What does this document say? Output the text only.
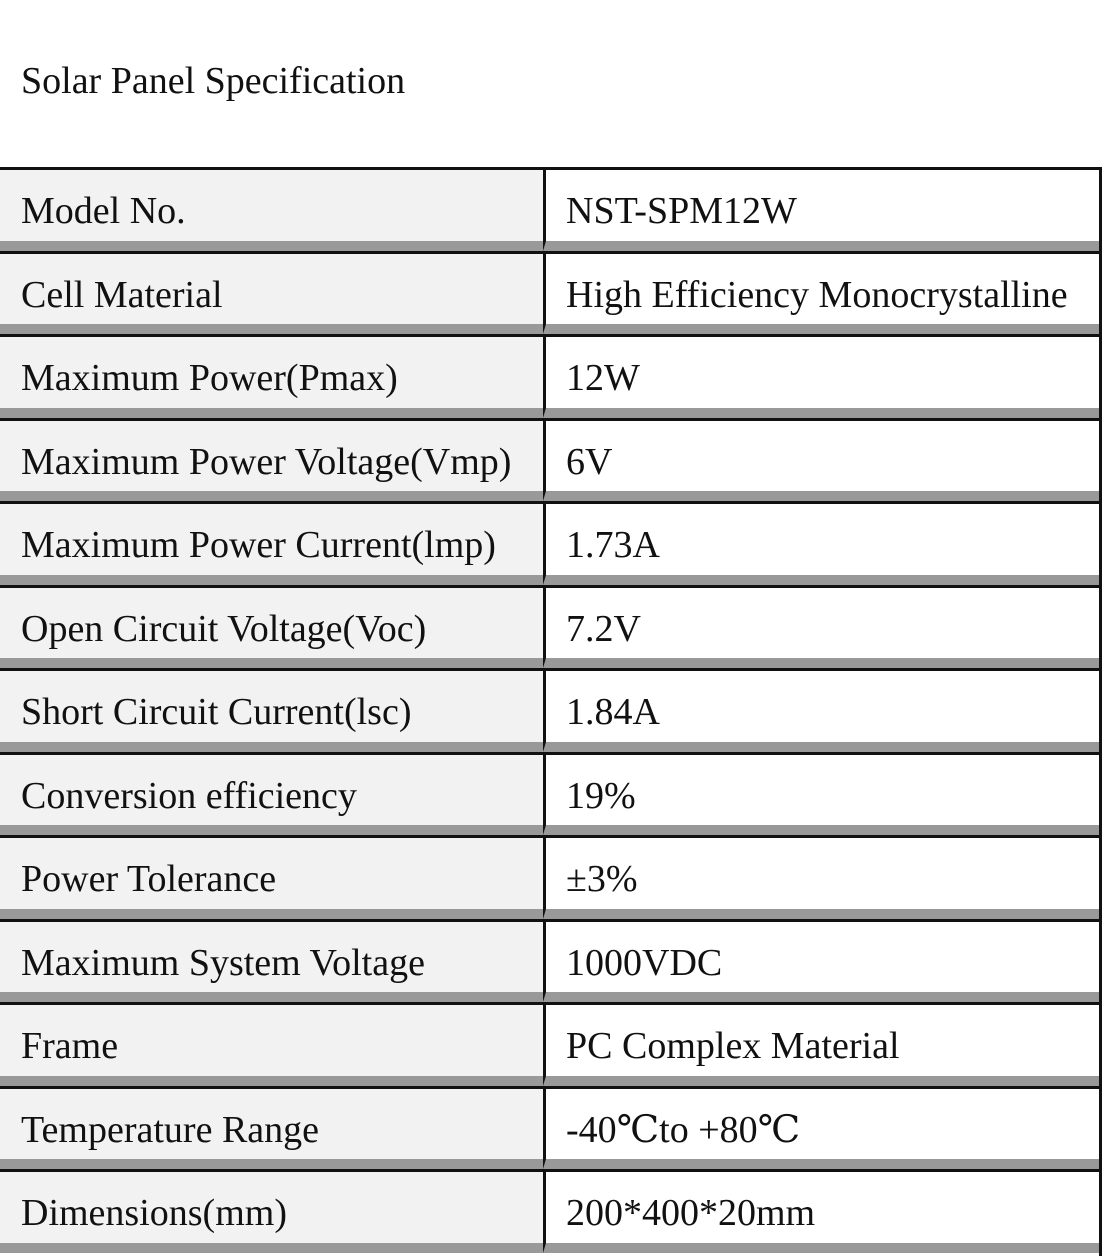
Solar Panel Specification
Model No.	NST-SPM12W
Cell Material	High Efficiency Monocrystalline
Maximum Power(Pmax)	12W
Maximum Power Voltage(Vmp) 6V
Maximum Power Current(lmp) 1.73A
Open Circuit Voltage(Voc)	7.2V
Short Circuit Current(lsc)	1.84A
Conversion efficiency	19%
Power Tolerance	±3%
Maximum System Voltage	1000VDC
Frame	PC Complex Material
Temperature Range	-40℃to +80℃
Dimensions(mm)	200*400*20mm
